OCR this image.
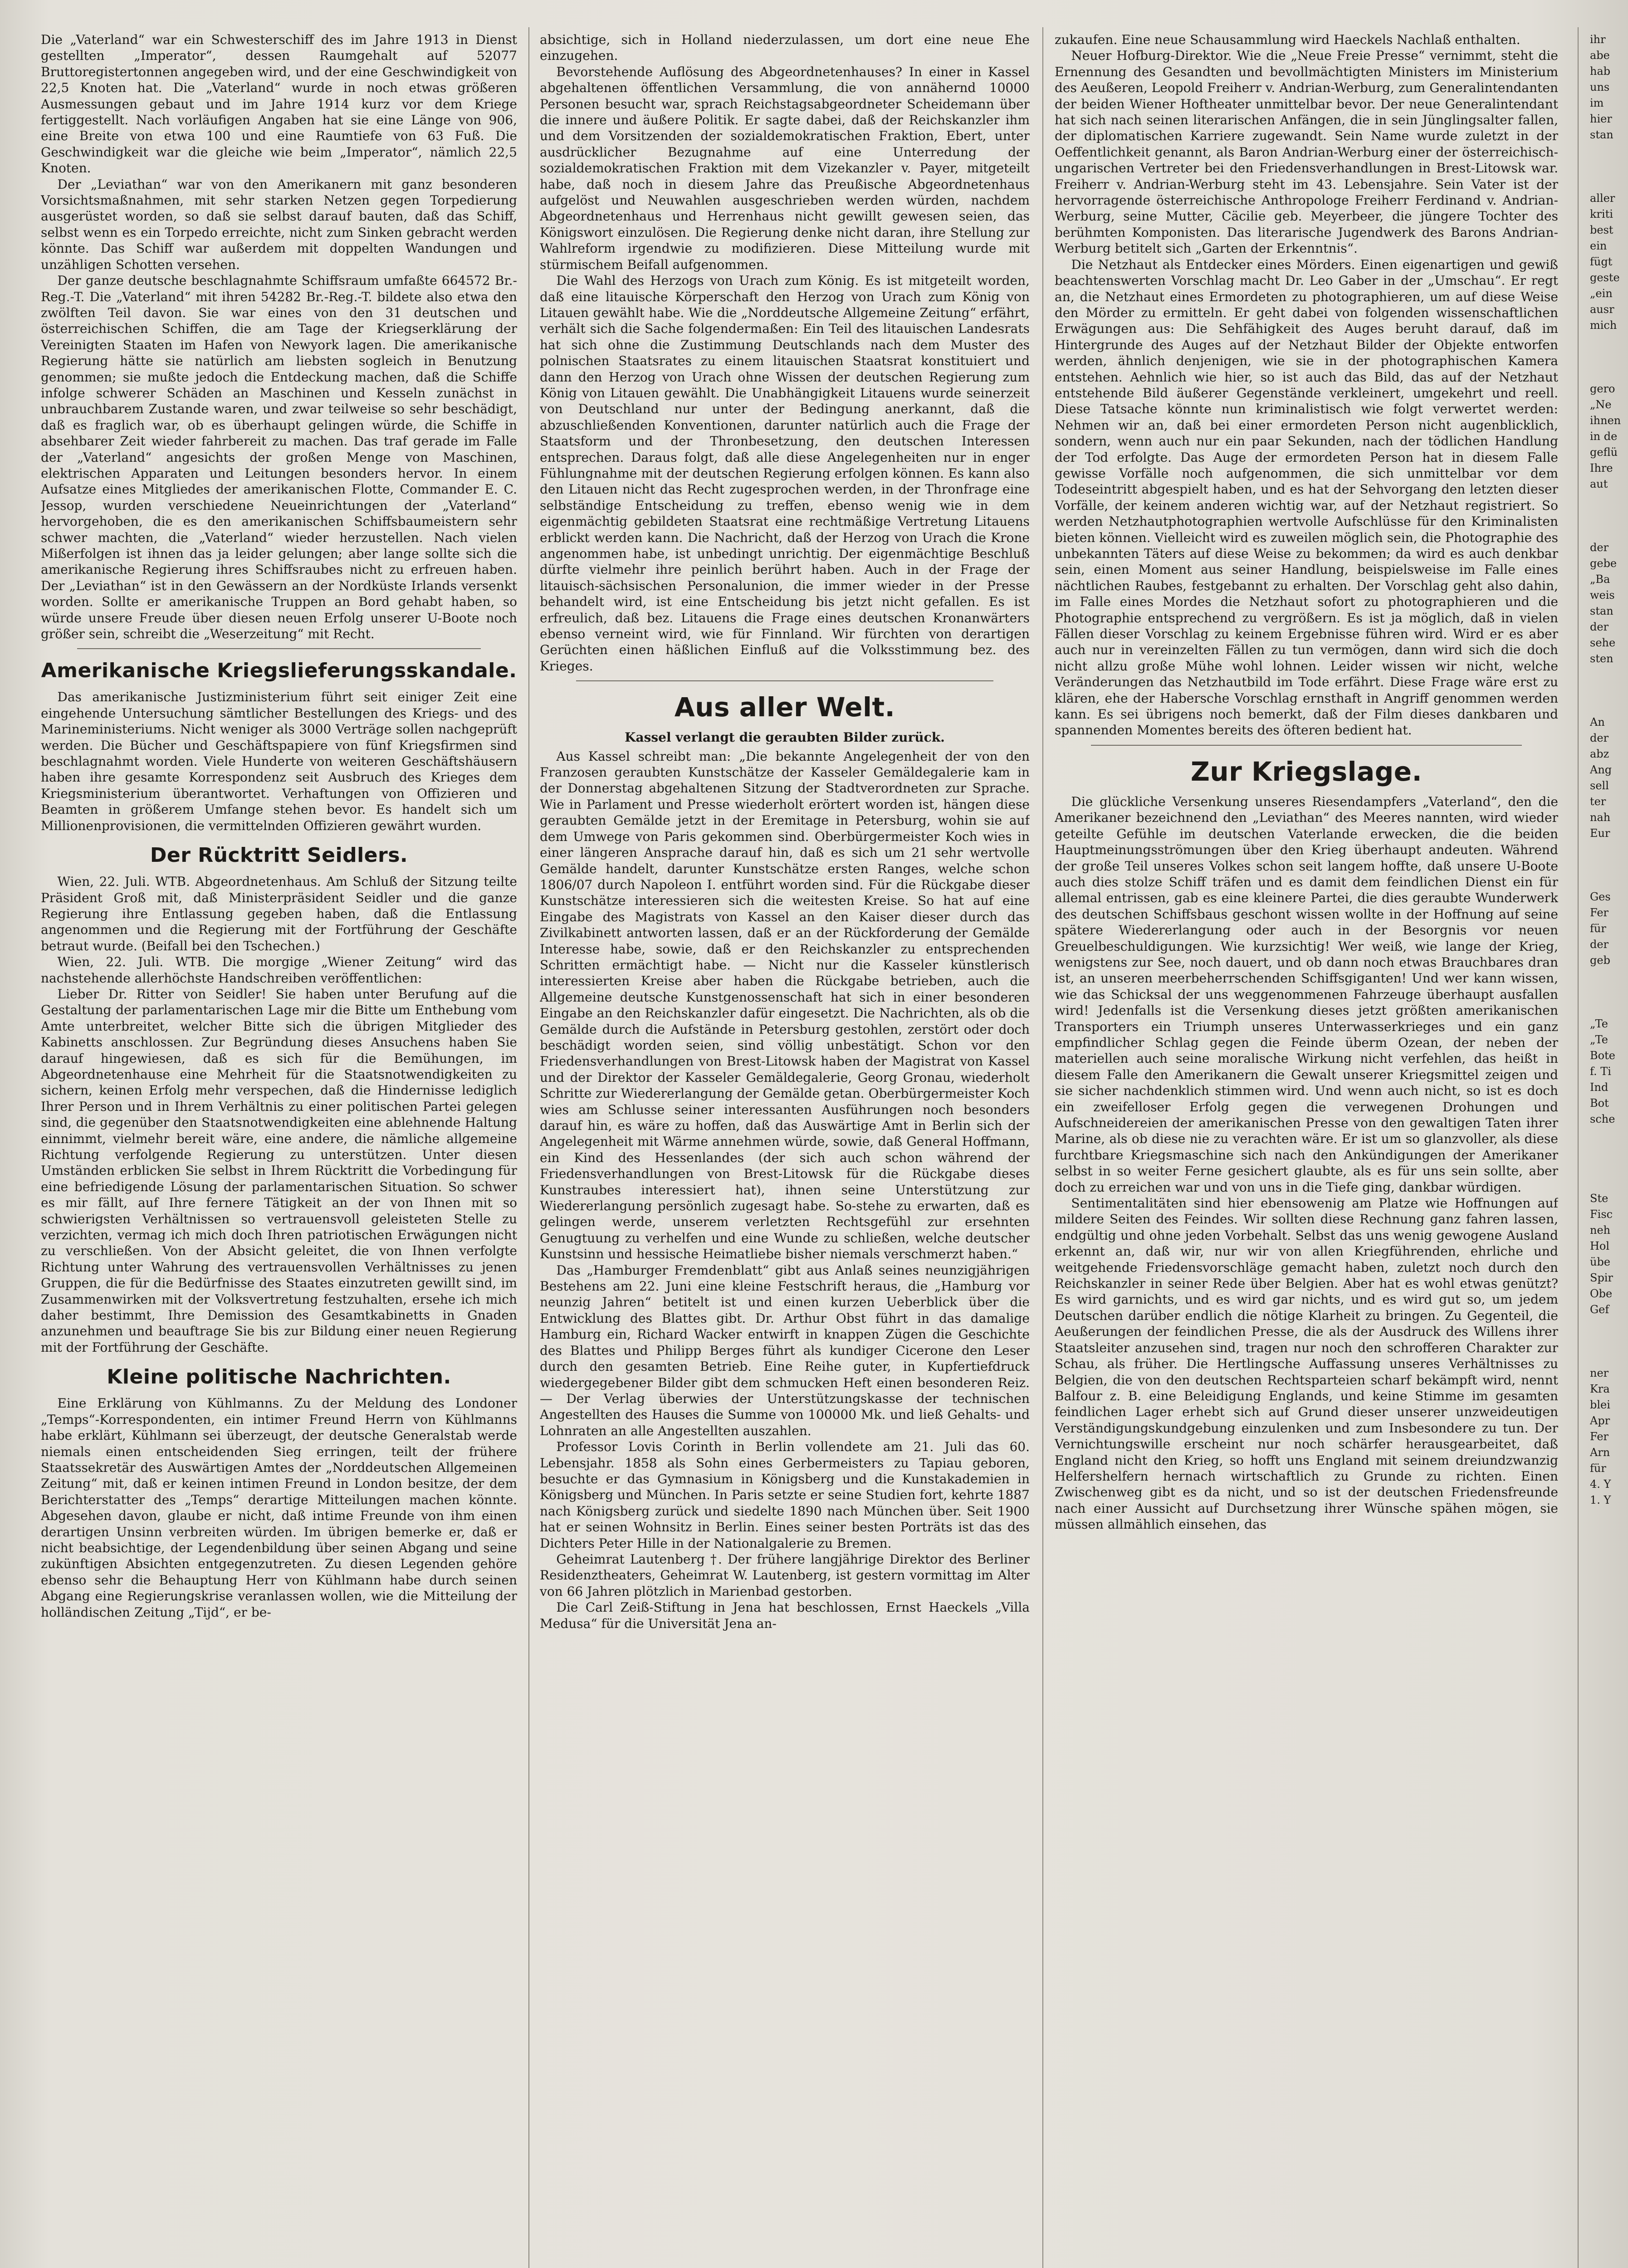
Die „Vaterland“ war ein Schwesterschiff des im Jahre 1913 in Dienst gestellten „Imperator“, dessen Raumgehalt auf 52077 Bruttoregistertonnen angegeben wird, und der eine Geschwindigkeit von 22,5 Knoten hat. Die „Vaterland“ wurde in noch etwas größeren Ausmessungen gebaut und im Jahre 1914 kurz vor dem Kriege fertiggestellt. Nach vorläufigen Angaben hat sie eine Länge von 906, eine Breite von etwa 100 und eine Raumtiefe von 63 Fuß. Die Geschwindigkeit war die gleiche wie beim „Imperator“, nämlich 22,5 Knoten.

Der „Leviathan“ war von den Amerikanern mit ganz besonderen Vorsichtsmaßnahmen, mit sehr starken Netzen gegen Torpedierung ausgerüstet worden, so daß sie selbst darauf bauten, daß das Schiff, selbst wenn es ein Torpedo erreichte, nicht zum Sinken gebracht werden könnte. Das Schiff war außerdem mit doppelten Wandungen und unzähligen Schotten versehen.

Der ganze deutsche beschlagnahmte Schiffsraum umfaßte 664572 Br.-Reg.-T. Die „Vaterland“ mit ihren 54282 Br.-Reg.-T. bildete also etwa den zwölften Teil davon. Sie war eines von den 31 deutschen und österreichischen Schiffen, die am Tage der Kriegserklärung der Vereinigten Staaten im Hafen von Newyork lagen. Die amerikanische Regierung hätte sie natürlich am liebsten sogleich in Benutzung genommen; sie mußte jedoch die Entdeckung machen, daß die Schiffe infolge schwerer Schäden an Maschinen und Kesseln zunächst in unbrauchbarem Zustande waren, und zwar teilweise so sehr beschädigt, daß es fraglich war, ob es überhaupt gelingen würde, die Schiffe in absehbarer Zeit wieder fahrbereit zu machen. Das traf gerade im Falle der „Vaterland“ angesichts der großen Menge von Maschinen, elektrischen Apparaten und Leitungen besonders hervor. In einem Aufsatze eines Mitgliedes der amerikanischen Flotte, Commander E. C. Jessop, wurden verschiedene Neueinrichtungen der „Vaterland“ hervorgehoben, die es den amerikanischen Schiffsbaumeistern sehr schwer machten, die „Vaterland“ wieder herzustellen. Nach vielen Mißerfolgen ist ihnen das ja leider gelungen; aber lange sollte sich die amerikanische Regierung ihres Schiffsraubes nicht zu erfreuen haben. Der „Leviathan“ ist in den Gewässern an der Nordküste Irlands versenkt worden. Sollte er amerikanische Truppen an Bord gehabt haben, so würde unsere Freude über diesen neuen Erfolg unserer U-Boote noch größer sein, schreibt die „Weserzeitung“ mit Recht.

Amerikanische Kriegslieferungsskandale.

Das amerikanische Justizministerium führt seit einiger Zeit eine eingehende Untersuchung sämtlicher Bestellungen des Kriegs- und des Marineministeriums. Nicht weniger als 3000 Verträge sollen nachgeprüft werden. Die Bücher und Geschäftspapiere von fünf Kriegsfirmen sind beschlagnahmt worden. Viele Hunderte von weiteren Geschäftshäusern haben ihre gesamte Korrespondenz seit Ausbruch des Krieges dem Kriegsministerium überantwortet. Verhaftungen von Offizieren und Beamten in größerem Umfange stehen bevor. Es handelt sich um Millionenprovisionen, die vermittelnden Offizieren gewährt wurden.

Der Rücktritt Seidlers.

Wien, 22. Juli. WTB. Abgeordnetenhaus. Am Schluß der Sitzung teilte Präsident Groß mit, daß Ministerpräsident Seidler und die ganze Regierung ihre Entlassung gegeben haben, daß die Entlassung angenommen und die Regierung mit der Fortführung der Geschäfte betraut wurde. (Beifall bei den Tschechen.)

Wien, 22. Juli. WTB. Die morgige „Wiener Zeitung“ wird das nachstehende allerhöchste Handschreiben veröffentlichen:

Lieber Dr. Ritter von Seidler! Sie haben unter Berufung auf die Gestaltung der parlamentarischen Lage mir die Bitte um Enthebung vom Amte unterbreitet, welcher Bitte sich die übrigen Mitglieder des Kabinetts anschlossen. Zur Begründung dieses Ansuchens haben Sie darauf hingewiesen, daß es sich für die Bemühungen, im Abgeordnetenhause eine Mehrheit für die Staatsnotwendigkeiten zu sichern, keinen Erfolg mehr verspechen, daß die Hindernisse lediglich Ihrer Person und in Ihrem Verhältnis zu einer politischen Partei gelegen sind, die gegenüber den Staatsnotwendigkeiten eine ablehnende Haltung einnimmt, vielmehr bereit wäre, eine andere, die nämliche allgemeine Richtung verfolgende Regierung zu unterstützen. Unter diesen Umständen erblicken Sie selbst in Ihrem Rücktritt die Vorbedingung für eine befriedigende Lösung der parlamentarischen Situation. So schwer es mir fällt, auf Ihre fernere Tätigkeit an der von Ihnen mit so schwierigsten Verhältnissen so vertrauensvoll geleisteten Stelle zu verzichten, vermag ich mich doch Ihren patriotischen Erwägungen nicht zu verschließen. Von der Absicht geleitet, die von Ihnen verfolgte Richtung unter Wahrung des vertrauensvollen Verhältnisses zu jenen Gruppen, die für die Bedürfnisse des Staates einzutreten gewillt sind, im Zusammenwirken mit der Volksvertretung festzuhalten, ersehe ich mich daher bestimmt, Ihre Demission des Gesamtkabinetts in Gnaden anzunehmen und beauftrage Sie bis zur Bildung einer neuen Regierung mit der Fortführung der Geschäfte.

Kleine politische Nachrichten.

Eine Erklärung von Kühlmanns. Zu der Meldung des Londoner „Temps“-Korrespondenten, ein intimer Freund Herrn von Kühlmanns habe erklärt, Kühlmann sei überzeugt, der deutsche Generalstab werde niemals einen entscheidenden Sieg erringen, teilt der frühere Staatssekretär des Auswärtigen Amtes der „Norddeutschen Allgemeinen Zeitung“ mit, daß er keinen intimen Freund in London besitze, der dem Berichterstatter des „Temps“ derartige Mitteilungen machen könnte. Abgesehen davon, glaube er nicht, daß intime Freunde von ihm einen derartigen Unsinn verbreiten würden. Im übrigen bemerke er, daß er nicht beabsichtige, der Legendenbildung über seinen Abgang und seine zukünftigen Absichten entgegenzutreten. Zu diesen Legenden gehöre ebenso sehr die Behauptung Herr von Kühlmann habe durch seinen Abgang eine Regierungskrise veranlassen wollen, wie die Mitteilung der holländischen Zeitung „Tijd“, er be-

absichtige, sich in Holland niederzulassen, um dort eine neue Ehe einzugehen.

Bevorstehende Auflösung des Abgeordnetenhauses? In einer in Kassel abgehaltenen öffentlichen Versammlung, die von annähernd 10000 Personen besucht war, sprach Reichstagsabgeordneter Scheidemann über die innere und äußere Politik. Er sagte dabei, daß der Reichskanzler ihm und dem Vorsitzenden der sozialdemokratischen Fraktion, Ebert, unter ausdrücklicher Bezugnahme auf eine Unterredung der sozialdemokratischen Fraktion mit dem Vizekanzler v. Payer, mitgeteilt habe, daß noch in diesem Jahre das Preußische Abgeordnetenhaus aufgelöst und Neuwahlen ausgeschrieben werden würden, nachdem Abgeordnetenhaus und Herrenhaus nicht gewillt gewesen seien, das Königswort einzulösen. Die Regierung denke nicht daran, ihre Stellung zur Wahlreform irgendwie zu modifizieren. Diese Mitteilung wurde mit stürmischem Beifall aufgenommen.

Die Wahl des Herzogs von Urach zum König. Es ist mitgeteilt worden, daß eine litauische Körperschaft den Herzog von Urach zum König von Litauen gewählt habe. Wie die „Norddeutsche Allgemeine Zeitung“ erfährt, verhält sich die Sache folgendermaßen: Ein Teil des litauischen Landesrats hat sich ohne die Zustimmung Deutschlands nach dem Muster des polnischen Staatsrates zu einem litauischen Staatsrat konstituiert und dann den Herzog von Urach ohne Wissen der deutschen Regierung zum König von Litauen gewählt. Die Unabhängigkeit Litauens wurde seinerzeit von Deutschland nur unter der Bedingung anerkannt, daß die abzuschließenden Konventionen, darunter natürlich auch die Frage der Staatsform und der Thronbesetzung, den deutschen Interessen entsprechen. Daraus folgt, daß alle diese Angelegenheiten nur in enger Fühlungnahme mit der deutschen Regierung erfolgen können. Es kann also den Litauen nicht das Recht zugesprochen werden, in der Thronfrage eine selbständige Entscheidung zu treffen, ebenso wenig wie in dem eigenmächtig gebildeten Staatsrat eine rechtmäßige Vertretung Litauens erblickt werden kann. Die Nachricht, daß der Herzog von Urach die Krone angenommen habe, ist unbedingt unrichtig. Der eigenmächtige Beschluß dürfte vielmehr ihre peinlich berührt haben. Auch in der Frage der litauisch-sächsischen Personalunion, die immer wieder in der Presse behandelt wird, ist eine Entscheidung bis jetzt nicht gefallen. Es ist erfreulich, daß bez. Litauens die Frage eines deutschen Kronanwärters ebenso verneint wird, wie für Finnland. Wir fürchten von derartigen Gerüchten einen häßlichen Einfluß auf die Volksstimmung bez. des Krieges.

Aus aller Welt.

Kassel verlangt die geraubten Bilder zurück.

Aus Kassel schreibt man: „Die bekannte Angelegenheit der von den Franzosen geraubten Kunstschätze der Kasseler Gemäldegalerie kam in der Donnerstag abgehaltenen Sitzung der Stadtverordneten zur Sprache. Wie in Parlament und Presse wiederholt erörtert worden ist, hängen diese geraubten Gemälde jetzt in der Eremitage in Petersburg, wohin sie auf dem Umwege von Paris gekommen sind. Oberbürgermeister Koch wies in einer längeren Ansprache darauf hin, daß es sich um 21 sehr wertvolle Gemälde handelt, darunter Kunstschätze ersten Ranges, welche schon 1806/07 durch Napoleon I. entführt worden sind. Für die Rückgabe dieser Kunstschätze interessieren sich die weitesten Kreise. So hat auf eine Eingabe des Magistrats von Kassel an den Kaiser dieser durch das Zivilkabinett antworten lassen, daß er an der Rückforderung der Gemälde Interesse habe, sowie, daß er den Reichskanzler zu entsprechenden Schritten ermächtigt habe. — Nicht nur die Kasseler künstlerisch interessierten Kreise aber haben die Rückgabe betrieben, auch die Allgemeine deutsche Kunstgenossenschaft hat sich in einer besonderen Eingabe an den Reichskanzler dafür eingesetzt. Die Nachrichten, als ob die Gemälde durch die Aufstände in Petersburg gestohlen, zerstört oder doch beschädigt worden seien, sind völlig unbestätigt. Schon vor den Friedensverhandlungen von Brest-Litowsk haben der Magistrat von Kassel und der Direktor der Kasseler Gemäldegalerie, Georg Gronau, wiederholt Schritte zur Wiedererlangung der Gemälde getan. Oberbürgermeister Koch wies am Schlusse seiner interessanten Ausführungen noch besonders darauf hin, es wäre zu hoffen, daß das Auswärtige Amt in Berlin sich der Angelegenheit mit Wärme annehmen würde, sowie, daß General Hoffmann, ein Kind des Hessenlandes (der sich auch schon während der Friedensverhandlungen von Brest-Litowsk für die Rückgabe dieses Kunstraubes interessiert hat), ihnen seine Unterstützung zur Wiedererlangung persönlich zugesagt habe. So-stehe zu erwarten, daß es gelingen werde, unserem verletzten Rechtsgefühl zur ersehnten Genugtuung zu verhelfen und eine Wunde zu schließen, welche deutscher Kunstsinn und hessische Heimatliebe bisher niemals verschmerzt haben.“

Das „Hamburger Fremdenblatt“ gibt aus Anlaß seines neunzigjährigen Bestehens am 22. Juni eine kleine Festschrift heraus, die „Hamburg vor neunzig Jahren“ betitelt ist und einen kurzen Ueberblick über die Entwicklung des Blattes gibt. Dr. Arthur Obst führt in das damalige Hamburg ein, Richard Wacker entwirft in knappen Zügen die Geschichte des Blattes und Philipp Berges führt als kundiger Cicerone den Leser durch den gesamten Betrieb. Eine Reihe guter, in Kupfertiefdruck wiedergegebener Bilder gibt dem schmucken Heft einen besonderen Reiz. — Der Verlag überwies der Unterstützungskasse der technischen Angestellten des Hauses die Summe von 100000 Mk. und ließ Gehalts- und Lohnraten an alle Angestellten auszahlen.

Professor Lovis Corinth in Berlin vollendete am 21. Juli das 60. Lebensjahr. 1858 als Sohn eines Gerbermeisters zu Tapiau geboren, besuchte er das Gymnasium in Königsberg und die Kunstakademien in Königsberg und München. In Paris setzte er seine Studien fort, kehrte 1887 nach Königsberg zurück und siedelte 1890 nach München über. Seit 1900 hat er seinen Wohnsitz in Berlin. Eines seiner besten Porträts ist das des Dichters Peter Hille in der Nationalgalerie zu Bremen.

Geheimrat Lautenberg †. Der frühere langjährige Direktor des Berliner Residenztheaters, Geheimrat W. Lautenberg, ist gestern vormittag im Alter von 66 Jahren plötzlich in Marienbad gestorben.

Die Carl Zeiß-Stiftung in Jena hat beschlossen, Ernst Haeckels „Villa Medusa“ für die Universität Jena an-

zukaufen. Eine neue Schausammlung wird Haeckels Nachlaß enthalten.

Neuer Hofburg-Direktor. Wie die „Neue Freie Presse“ vernimmt, steht die Ernennung des Gesandten und bevollmächtigten Ministers im Ministerium des Aeußeren, Leopold Freiherr v. Andrian-Werburg, zum Generalintendanten der beiden Wiener Hoftheater unmittelbar bevor. Der neue Generalintendant hat sich nach seinen literarischen Anfängen, die in sein Jünglingsalter fallen, der diplomatischen Karriere zugewandt. Sein Name wurde zuletzt in der Oeffentlichkeit genannt, als Baron Andrian-Werburg einer der österreichisch-ungarischen Vertreter bei den Friedensverhandlungen in Brest-Litowsk war. Freiherr v. Andrian-Werburg steht im 43. Lebensjahre. Sein Vater ist der hervorragende österreichische Anthropologe Freiherr Ferdinand v. Andrian-Werburg, seine Mutter, Cäcilie geb. Meyerbeer, die jüngere Tochter des berühmten Komponisten. Das literarische Jugendwerk des Barons Andrian-Werburg betitelt sich „Garten der Erkenntnis“.

Die Netzhaut als Entdecker eines Mörders. Einen eigenartigen und gewiß beachtenswerten Vorschlag macht Dr. Leo Gaber in der „Umschau“. Er regt an, die Netzhaut eines Ermordeten zu photographieren, um auf diese Weise den Mörder zu ermitteln. Er geht dabei von folgenden wissenschaftlichen Erwägungen aus: Die Sehfähigkeit des Auges beruht darauf, daß im Hintergrunde des Auges auf der Netzhaut Bilder der Objekte entworfen werden, ähnlich denjenigen, wie sie in der photographischen Kamera entstehen. Aehnlich wie hier, so ist auch das Bild, das auf der Netzhaut entstehende Bild äußerer Gegenstände verkleinert, umgekehrt und reell. Diese Tatsache könnte nun kriminalistisch wie folgt verwertet werden: Nehmen wir an, daß bei einer ermordeten Person nicht augenblicklich, sondern, wenn auch nur ein paar Sekunden, nach der tödlichen Handlung der Tod erfolgte. Das Auge der ermordeten Person hat in diesem Falle gewisse Vorfälle noch aufgenommen, die sich unmittelbar vor dem Todeseintritt abgespielt haben, und es hat der Sehvorgang den letzten dieser Vorfälle, der keinem anderen wichtig war, auf der Netzhaut registriert. So werden Netzhautphotographien wertvolle Aufschlüsse für den Kriminalisten bieten können. Vielleicht wird es zuweilen möglich sein, die Photographie des unbekannten Täters auf diese Weise zu bekommen; da wird es auch denkbar sein, einen Moment aus seiner Handlung, beispielsweise im Falle eines nächtlichen Raubes, festgebannt zu erhalten. Der Vorschlag geht also dahin, im Falle eines Mordes die Netzhaut sofort zu photographieren und die Photographie entsprechend zu vergrößern. Es ist ja möglich, daß in vielen Fällen dieser Vorschlag zu keinem Ergebnisse führen wird. Wird er es aber auch nur in vereinzelten Fällen zu tun vermögen, dann wird sich die doch nicht allzu große Mühe wohl lohnen. Leider wissen wir nicht, welche Veränderungen das Netzhautbild im Tode erfährt. Diese Frage wäre erst zu klären, ehe der Habersche Vorschlag ernsthaft in Angriff genommen werden kann. Es sei übrigens noch bemerkt, daß der Film dieses dankbaren und spannenden Momentes bereits des öfteren bedient hat.

Zur Kriegslage.

Die glückliche Versenkung unseres Riesendampfers „Vaterland“, den die Amerikaner bezeichnend den „Leviathan“ des Meeres nannten, wird wieder geteilte Gefühle im deutschen Vaterlande erwecken, die die beiden Hauptmeinungsströmungen über den Krieg überhaupt andeuten. Während der große Teil unseres Volkes schon seit langem hoffte, daß unsere U-Boote auch dies stolze Schiff träfen und es damit dem feindlichen Dienst ein für allemal entrissen, gab es eine kleinere Partei, die dies geraubte Wunderwerk des deutschen Schiffsbaus geschont wissen wollte in der Hoffnung auf seine spätere Wiedererlangung oder auch in der Besorgnis vor neuen Greuelbeschuldigungen. Wie kurzsichtig! Wer weiß, wie lange der Krieg, wenigstens zur See, noch dauert, und ob dann noch etwas Brauchbares dran ist, an unseren meerbeherrschenden Schiffsgiganten! Und wer kann wissen, wie das Schicksal der uns weggenommenen Fahrzeuge überhaupt ausfallen wird! Jedenfalls ist die Versenkung dieses jetzt größten amerikanischen Transporters ein Triumph unseres Unterwasserkrieges und ein ganz empfindlicher Schlag gegen die Feinde überm Ozean, der neben der materiellen auch seine moralische Wirkung nicht verfehlen, das heißt in diesem Falle den Amerikanern die Gewalt unserer Kriegsmittel zeigen und sie sicher nachdenklich stimmen wird. Und wenn auch nicht, so ist es doch ein zweifelloser Erfolg gegen die verwegenen Drohungen und Aufschneidereien der amerikanischen Presse von den gewaltigen Taten ihrer Marine, als ob diese nie zu verachten wäre. Er ist um so glanzvoller, als diese furchtbare Kriegsmaschine sich nach den Ankündigungen der Amerikaner selbst in so weiter Ferne gesichert glaubte, als es für uns sein sollte, aber doch zu erreichen war und von uns in die Tiefe ging, dankbar würdigen.

Sentimentalitäten sind hier ebensowenig am Platze wie Hoffnungen auf mildere Seiten des Feindes. Wir sollten diese Rechnung ganz fahren lassen, endgültig und ohne jeden Vorbehalt. Selbst das uns wenig gewogene Ausland erkennt an, daß wir, nur wir von allen Kriegführenden, ehrliche und weitgehende Friedensvorschläge gemacht haben, zuletzt noch durch den Reichskanzler in seiner Rede über Belgien. Aber hat es wohl etwas genützt? Es wird garnichts, und es wird gar nichts, und es wird gut so, um jedem Deutschen darüber endlich die nötige Klarheit zu bringen. Zu Gegenteil, die Aeußerungen der feindlichen Presse, die als der Ausdruck des Willens ihrer Staatsleiter anzusehen sind, tragen nur noch den schrofferen Charakter zur Schau, als früher. Die Hertlingsche Auffassung unseres Verhältnisses zu Belgien, die von den deutschen Rechtsparteien scharf bekämpft wird, nennt Balfour z. B. eine Beleidigung Englands, und keine Stimme im gesamten feindlichen Lager erhebt sich auf Grund dieser unserer unzweideutigen Verständigungskundgebung einzulenken und zum Insbesondere zu tun. Der Vernichtungswille erscheint nur noch schärfer herausgearbeitet, daß England nicht den Krieg, so hofft uns England mit seinem dreiundzwanzig Helfershelfern hernach wirtschaftlich zu Grunde zu richten. Einen Zwischenweg gibt es da nicht, und so ist der deutschen Friedensfreunde nach einer Aussicht auf Durchsetzung ihrer Wünsche spähen mögen, sie müssen allmählich einsehen, das

ihr
abe
hab
uns
im
hier
stan
aller
kriti
best
ein
fügt
geste
„ein
ausr
mich
gero
„Ne
ihnen
in de
geflü
Ihre
aut
der
gebe
„Ba
weis
stan
der
sehe
sten
An
der
abz
Ang
sell
ter
nah
Eur
Ges
Fer
für
der
geb
„Te
„Te
Bote
f. Ti
Ind
Bot
sche
Ste
Fisc
neh
Hol
übe
Spir
Obe
Gef
ner
Kra
blei
Apr
Fer
Arn
für
4. Y
1. Y
